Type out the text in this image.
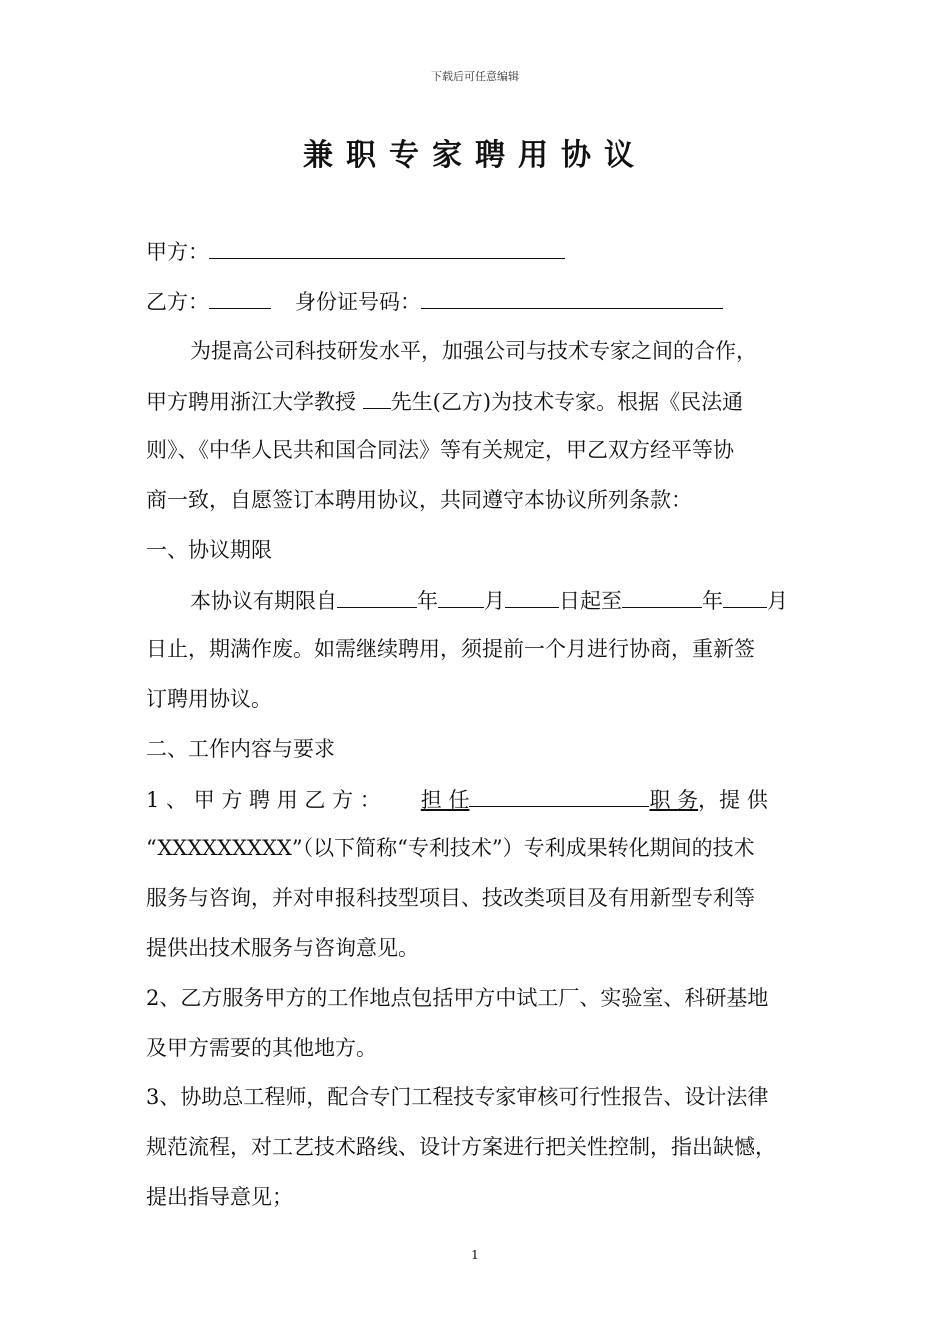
下载后可任意编辑
兼职专家聘用协议
甲方：
乙方：	身份证号码：
为提高公司科技研发水平，加强公司与技术专家之间的合作，
甲方聘用浙江大学教授 先生(乙方)为技术专家。根据《民法通
则》、《中华人民共和国合同法》等有关规定，甲乙双方经平等协
商一致，自愿签订本聘用协议，共同遵守本协议所列条款：
一、协议期限
本协议有期限自	年 月	日起至	年 月
日止，期满作废。如需继续聘用，须提前一个月进行协商，重新签
订聘用协议。
二、工作内容与要求
1 、 甲 方 聘 用 乙 方 ： 担 任	职 务，提 供
“XXXXXXXXX”（以下简称“专利技术”）专利成果转化期间的技术
服务与咨询，并对申报科技型项目、技改类项目及有用新型专利等
提供出技术服务与咨询意见。
2、乙方服务甲方的工作地点包括甲方中试工厂、实验室、科研基地
及甲方需要的其他地方。
3、协助总工程师，配合专门工程技专家审核可行性报告、设计法律
规范流程，对工艺技术路线、设计方案进行把关性控制，指出缺憾，
提出指导意见；
1
